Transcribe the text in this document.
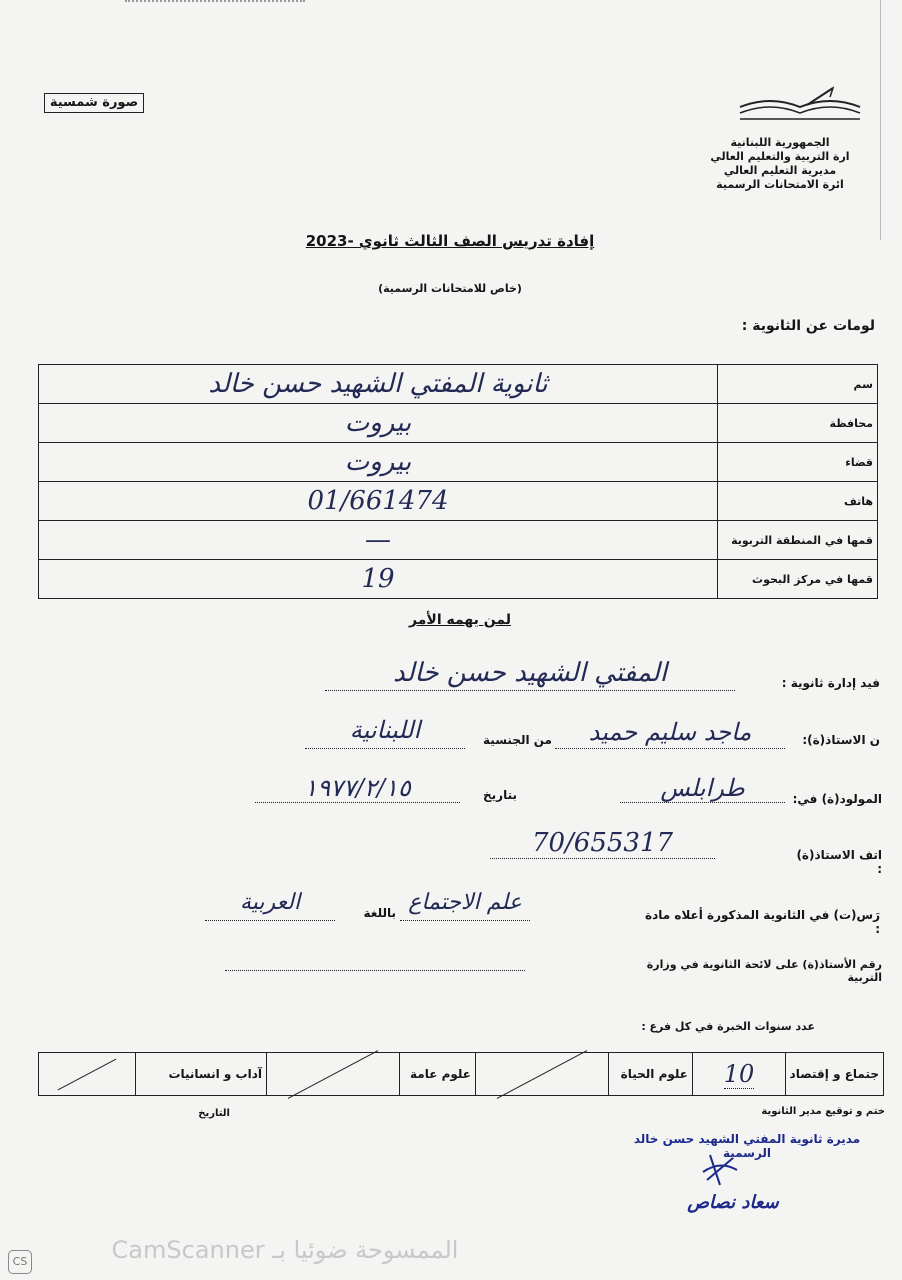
صورة شمسية
الجمهورية اللبنانية
ارة التربية والتعليم العالي
مديرية التعليم العالي
ائرة الامتحانات الرسمية
إفادة تدريس الصف الثالث ثانوي -2023
(خاص للامتحانات الرسمية)
لومات عن الثانوية :
سم	ثانوية المفتي الشهيد حسن خالد
محافظة	بيروت
قضاء	بيروت
هاتف	01/661474
قمها في المنطقة التربوية	—
قمها في مركز البحوث	19
لمن يهمه الأمر
فيد إدارة ثانوية :
المفتي الشهيد حسن خالد
ن الاستاذ(ة):
ماجد سليم حميد
من الجنسية
اللبنانية
المولود(ة) في:
طرابلس
بتاريخ
١٩٧٧/٢/١٥
اتف الاستاذ(ة) :
70/655317
رَس(ت) في الثانوية المذكورة أعلاه مادة :
علم الاجتماع
باللغة
العربية
رقم الأستاذ(ة) على لائحة الثانوية في وزارة التربية
عدد سنوات الخبرة في كل فرع :
جتماع و إقتصاد	10	علوم الحياة		علوم عامة		آداب و انسانيات	
ختم و توقيع مدير الثانوية
التاريخ
مديرة ثانوية المفتي الشهيد حسن خالد الرسمية
سعاد نصاص
CS	الممسوحة ضوئيا بـ CamScanner
